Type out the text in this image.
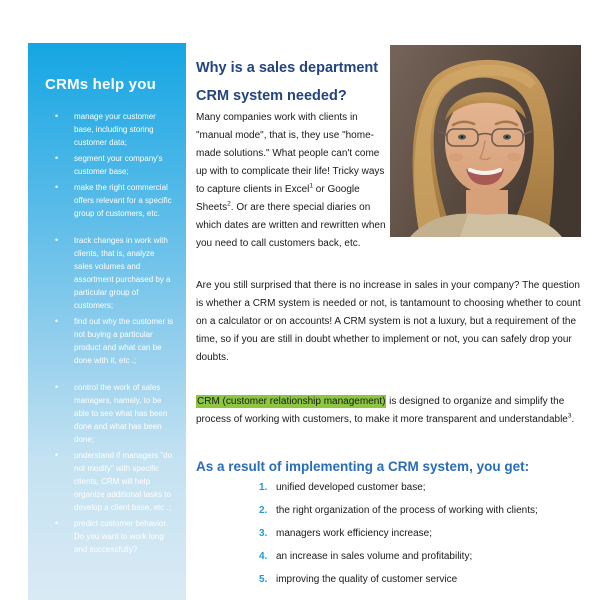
CRMs help you
•	manage your customer base, including storing customer data;
•	segment your company's customer base;
•	make the right commercial offers relevant for a specific group of customers, etc.
•	track changes in work with clients, that is, analyze sales volumes and assortment purchased by a particular group of customers;
•	find out why the customer is not buying a particular product and what can be done with it, etc .;
•	control the work of sales managers, namely, to be able to see what has been done and what has been done;
•	understand if managers "do not modify" with specific clients, CRM will help organize additional tasks to develop a client base, etc .;
•	predict customer behavior. Do you want to work long and successfully?
Why is a sales department CRM system needed?

Many companies work with clients in "manual mode", that is, they use "home-made solutions." What people can't come up with to complicate their life! Tricky ways to capture clients in Excel$^1$ or Google Sheets$^2$. Or are there special diaries on which dates are written and rewritten when you need to call customers back, etc.

Are you still surprised that there is no increase in sales in your company? The question is whether a CRM system is needed or not, is tantamount to choosing whether to count on a calculator or on accounts! A CRM system is not a luxury, but a requirement of the time, so if you are still in doubt whether to implement or not, you can safely drop your doubts.

CRM (customer relationship management) is designed to organize and simplify the process of working with customers, to make it more transparent and understandable$^3$.

As a result of implementing a CRM system, you get:
1. unified developed customer base;
2. the right organization of the process of working with clients;
3. managers work efficiency increase;
4. an increase in sales volume and profitability;
5. improving the quality of customer service
